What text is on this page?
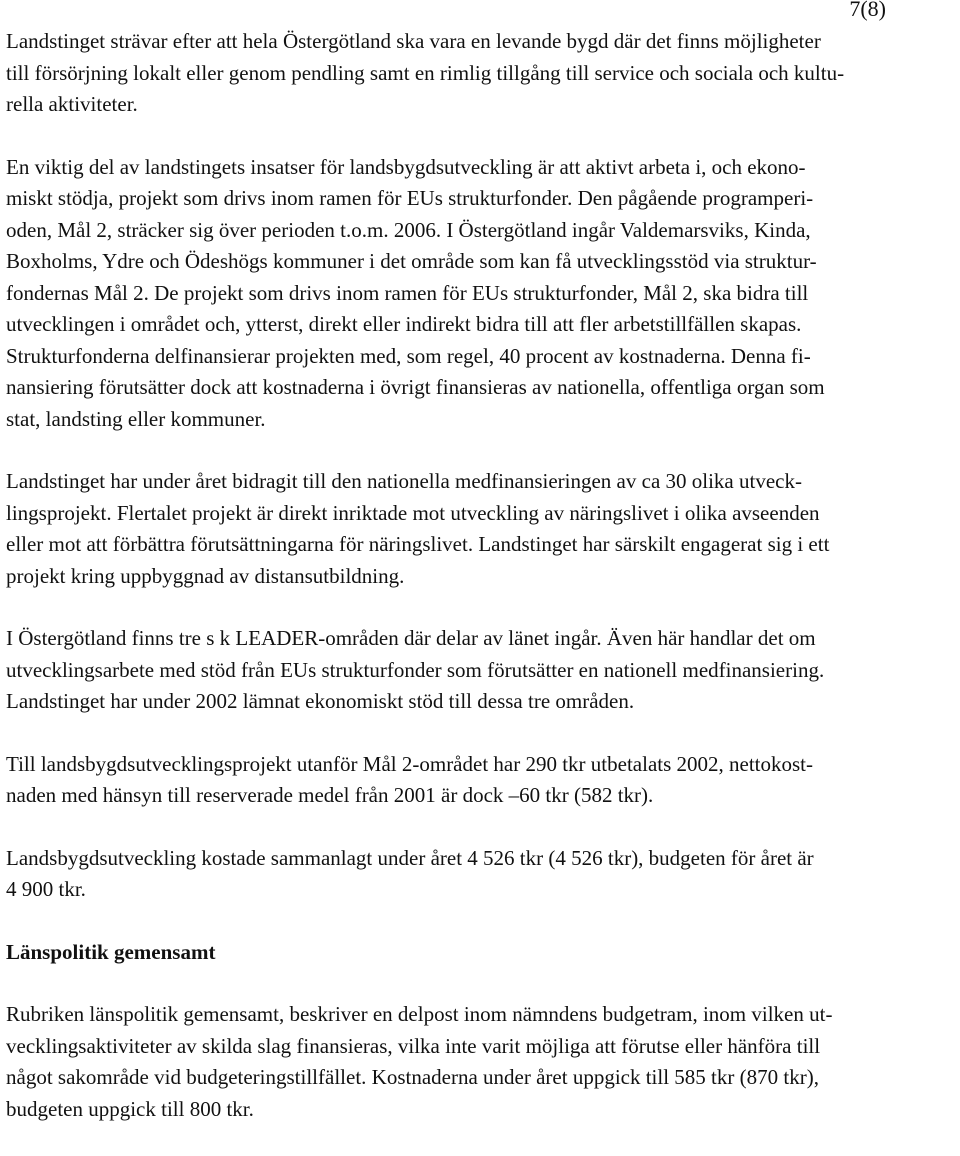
7(8)
Landstinget strävar efter att hela Östergötland ska vara en levande bygd där det finns möjligheter
till försörjning lokalt eller genom pendling samt en rimlig tillgång till service och sociala och kultu-
rella aktiviteter.
En viktig del av landstingets insatser för landsbygdsutveckling är att aktivt arbeta i, och ekono-
miskt stödja, projekt som drivs inom ramen för EUs strukturfonder. Den pågående programperi-
oden, Mål 2, sträcker sig över perioden t.o.m. 2006. I Östergötland ingår Valdemarsviks, Kinda,
Boxholms, Ydre och Ödeshögs kommuner i det område som kan få utvecklingsstöd via struktur-
fondernas Mål 2. De projekt som drivs inom ramen för EUs strukturfonder, Mål 2, ska bidra till
utvecklingen i området och, ytterst, direkt eller indirekt bidra till att fler arbetstillfällen skapas.
Strukturfonderna delfinansierar projekten med, som regel, 40 procent av kostnaderna. Denna fi-
nansiering förutsätter dock att kostnaderna i övrigt finansieras av nationella, offentliga organ som
stat, landsting eller kommuner.
Landstinget har under året bidragit till den nationella medfinansieringen av ca 30 olika utveck-
lingsprojekt. Flertalet projekt är direkt inriktade mot utveckling av näringslivet i olika avseenden
eller mot att förbättra förutsättningarna för näringslivet. Landstinget har särskilt engagerat sig i ett
projekt kring uppbyggnad av distansutbildning.
I Östergötland finns tre s k LEADER-områden där delar av länet ingår. Även här handlar det om
utvecklingsarbete med stöd från EUs strukturfonder som förutsätter en nationell medfinansiering.
Landstinget har under 2002 lämnat ekonomiskt stöd till dessa tre områden.
Till landsbygdsutvecklingsprojekt utanför Mål 2-området har 290 tkr utbetalats 2002, nettokost-
naden med hänsyn till reserverade medel från 2001 är dock –60 tkr (582 tkr).
Landsbygdsutveckling kostade sammanlagt under året 4 526 tkr (4 526 tkr), budgeten för året är
4 900 tkr.
Länspolitik gemensamt
Rubriken länspolitik gemensamt, beskriver en delpost inom nämndens budgetram, inom vilken ut-
vecklingsaktiviteter av skilda slag finansieras, vilka inte varit möjliga att förutse eller hänföra till
något sakområde vid budgeteringstillfället. Kostnaderna under året uppgick till 585 tkr (870 tkr),
budgeten uppgick till 800 tkr.
